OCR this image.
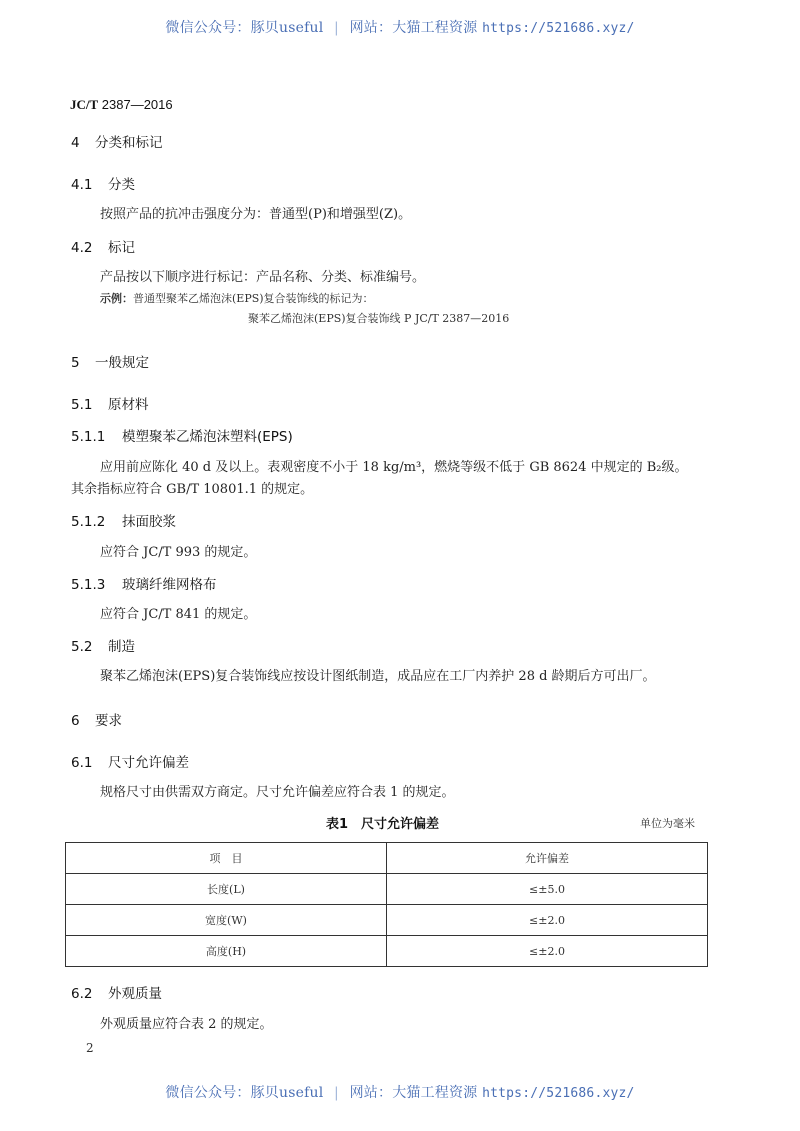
微信公众号：豚贝useful | 网站：大猫工程资源 https://521686.xyz/
JC/T 2387—2016
4 分类和标记
4.1 分类
按照产品的抗冲击强度分为：普通型(P)和增强型(Z)。
4.2 标记
产品按以下顺序进行标记：产品名称、分类、标准编号。
示例：普通型聚苯乙烯泡沫(EPS)复合装饰线的标记为：
聚苯乙烯泡沫(EPS)复合装饰线 P JC/T 2387—2016
5 一般规定
5.1 原材料
5.1.1 模塑聚苯乙烯泡沫塑料(EPS)
应用前应陈化 40 d 及以上。表观密度不小于 18 kg/m³，燃烧等级不低于 GB 8624 中规定的 B₂级。
其余指标应符合 GB/T 10801.1 的规定。
5.1.2 抹面胶浆
应符合 JC/T 993 的规定。
5.1.3 玻璃纤维网格布
应符合 JC/T 841 的规定。
5.2 制造
聚苯乙烯泡沫(EPS)复合装饰线应按设计图纸制造，成品应在工厂内养护 28 d 龄期后方可出厂。
6 要求
6.1 尺寸允许偏差
规格尺寸由供需双方商定。尺寸允许偏差应符合表 1 的规定。
表1　尺寸允许偏差	单位为毫米
项　目	允许偏差
长度(L)	≤±5.0
宽度(W)	≤±2.0
高度(H)	≤±2.0
6.2 外观质量
外观质量应符合表 2 的规定。
2
微信公众号：豚贝useful | 网站：大猫工程资源 https://521686.xyz/
